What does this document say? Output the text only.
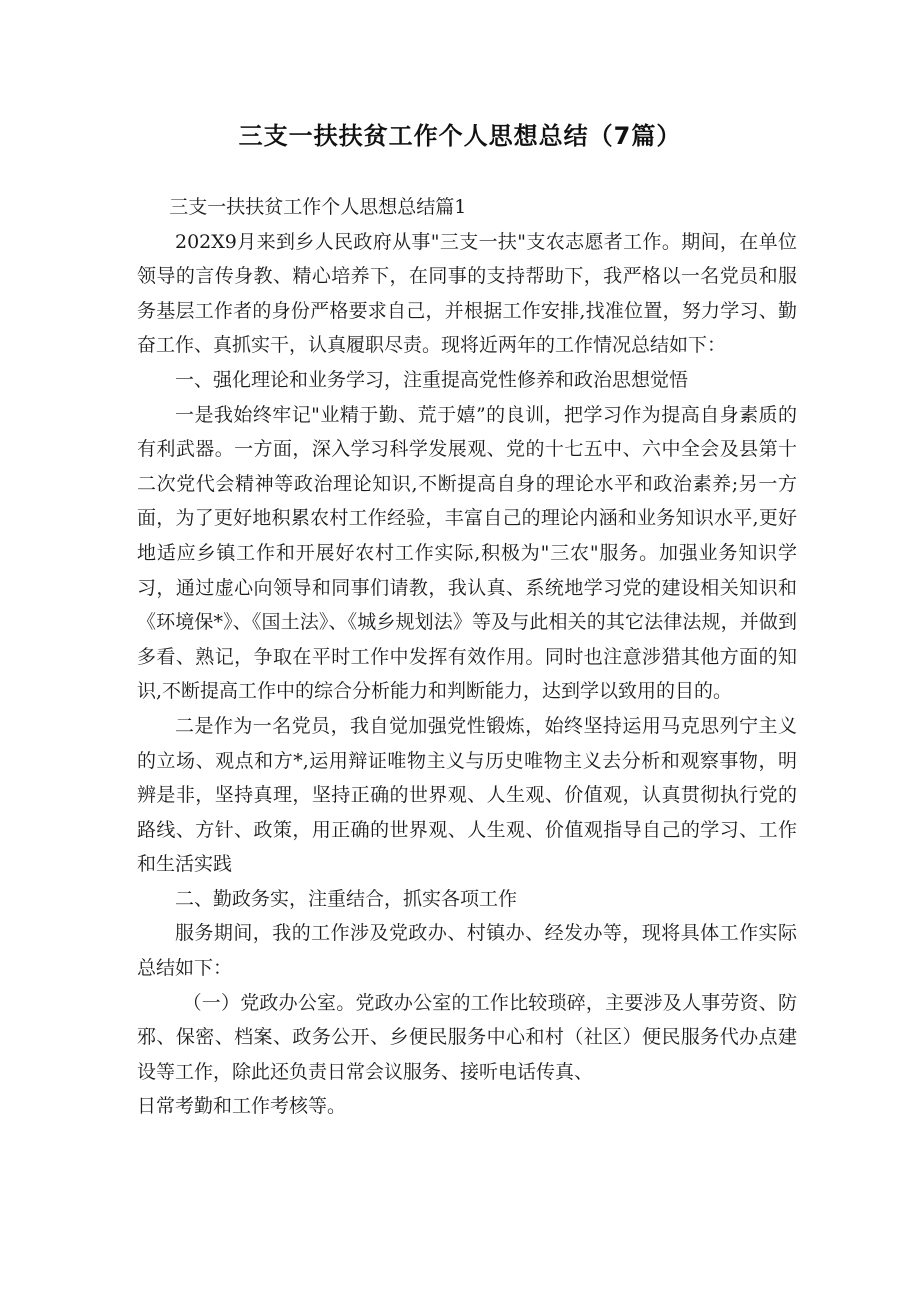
三支一扶扶贫工作个人思想总结（7篇）

三支一扶扶贫工作个人思想总结篇1

202X9月来到乡人民政府从事"三支一扶"支农志愿者工作。期间，在单位领导的言传身教、精心培养下，在同事的支持帮助下，我严格以一名党员和服务基层工作者的身份严格要求自己，并根据工作安排,找准位置，努力学习、勤奋工作、真抓实干，认真履职尽责。现将近两年的工作情况总结如下：

一、强化理论和业务学习，注重提高党性修养和政治思想觉悟

一是我始终牢记"业精于勤、荒于嬉”的良训，把学习作为提高自身素质的有利武器。一方面，深入学习科学发展观、党的十七五中、六中全会及县第十二次党代会精神等政治理论知识,不断提高自身的理论水平和政治素养;另一方面，为了更好地积累农村工作经验，丰富自己的理论内涵和业务知识水平,更好地适应乡镇工作和开展好农村工作实际,积极为"三农"服务。加强业务知识学习，通过虚心向领导和同事们请教，我认真、系统地学习党的建设相关知识和《环境保*》、《国土法》、《城乡规划法》等及与此相关的其它法律法规，并做到多看、熟记，争取在平时工作中发挥有效作用。同时也注意涉猎其他方面的知识,不断提高工作中的综合分析能力和判断能力，达到学以致用的目的。

二是作为一名党员，我自觉加强党性锻炼，始终坚持运用马克思列宁主义的立场、观点和方*,运用辩证唯物主义与历史唯物主义去分析和观察事物，明辨是非，坚持真理，坚持正确的世界观、人生观、价值观，认真贯彻执行党的路线、方针、政策，用正确的世界观、人生观、价值观指导自己的学习、工作和生活实践

二、勤政务实，注重结合，抓实各项工作

服务期间，我的工作涉及党政办、村镇办、经发办等，现将具体工作实际总结如下：

（一）党政办公室。党政办公室的工作比较琐碎，主要涉及人事劳资、防邪、保密、档案、政务公开、乡便民服务中心和村（社区）便民服务代办点建设等工作，除此还负责日常会议服务、接听电话传真、

日常考勤和工作考核等。
